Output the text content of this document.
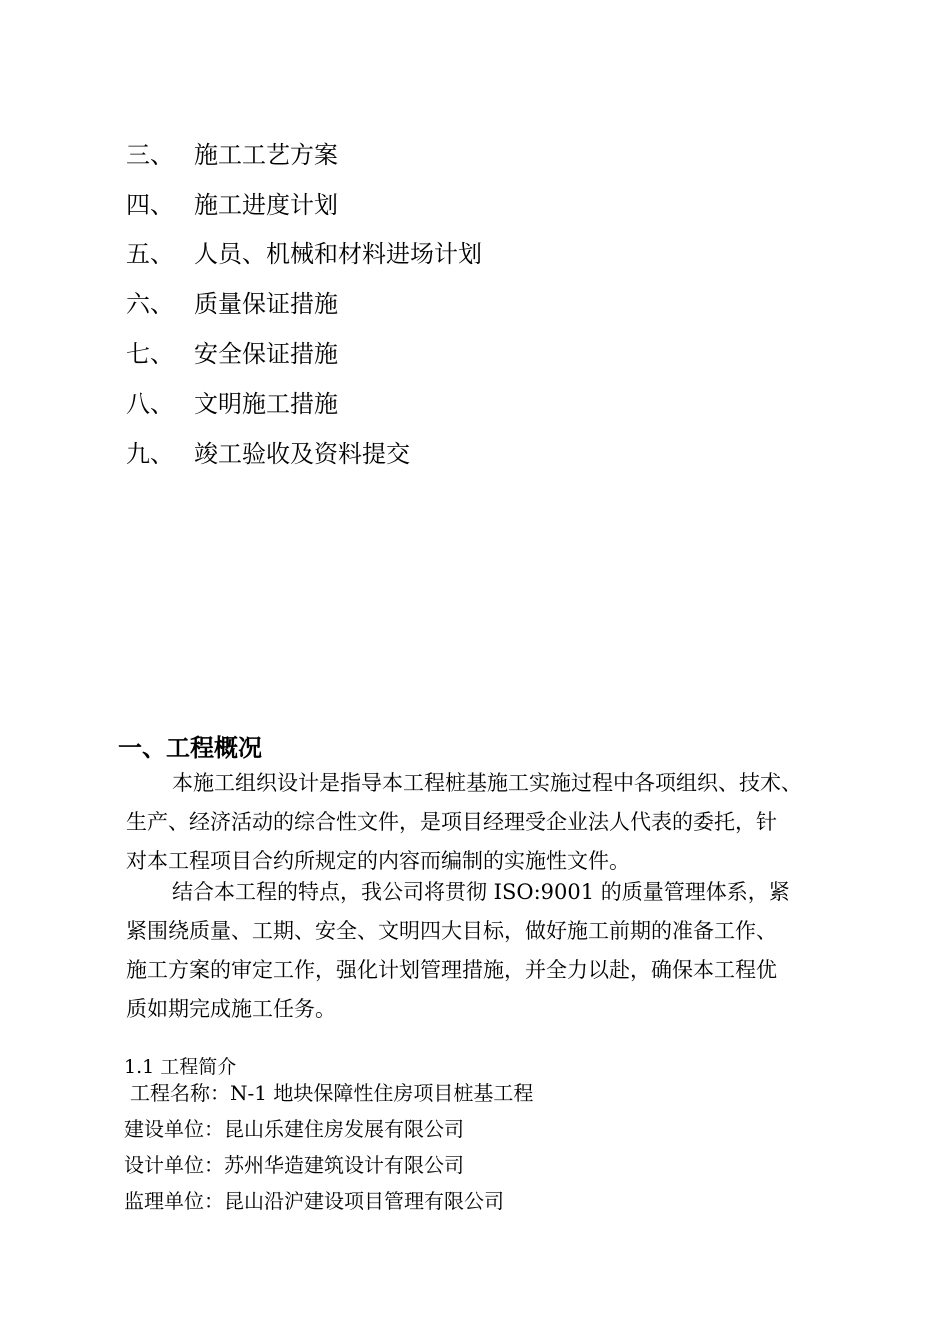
三、 施工工艺方案
四、 施工进度计划
五、 人员、机械和材料进场计划
六、 质量保证措施
七、 安全保证措施
八、 文明施工措施
九、 竣工验收及资料提交
一、工程概况
本施工组织设计是指导本工程桩基施工实施过程中各项组织、技术、
生产、经济活动的综合性文件，是项目经理受企业法人代表的委托，针
对本工程项目合约所规定的内容而编制的实施性文件。
结合本工程的特点，我公司将贯彻 ISO:9001 的质量管理体系，紧
紧围绕质量、工期、安全、文明四大目标，做好施工前期的准备工作、
施工方案的审定工作，强化计划管理措施，并全力以赴，确保本工程优
质如期完成施工任务。
1.1 工程简介
工程名称：N-1 地块保障性住房项目桩基工程
建设单位：昆山乐建住房发展有限公司
设计单位：苏州华造建筑设计有限公司
监理单位：昆山沿沪建设项目管理有限公司
